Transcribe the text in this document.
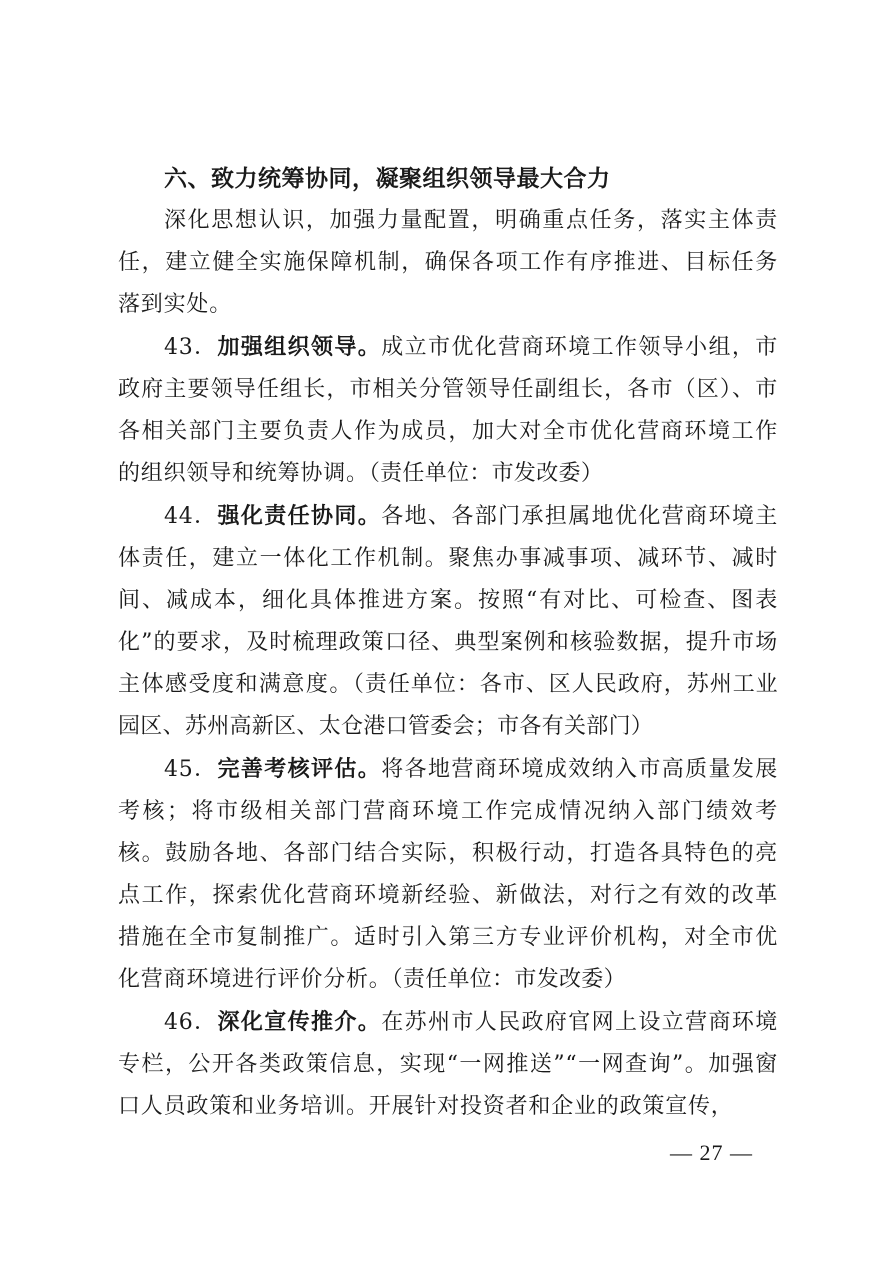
六、致力统筹协同，凝聚组织领导最大合力

深化思想认识，加强力量配置，明确重点任务，落实主体责任，建立健全实施保障机制，确保各项工作有序推进、目标任务落到实处。

43．加强组织领导。成立市优化营商环境工作领导小组，市政府主要领导任组长，市相关分管领导任副组长，各市（区）、市各相关部门主要负责人作为成员，加大对全市优化营商环境工作的组织领导和统筹协调。（责任单位：市发改委）

44．强化责任协同。各地、各部门承担属地优化营商环境主体责任，建立一体化工作机制。聚焦办事减事项、减环节、减时间、减成本，细化具体推进方案。按照“有对比、可检查、图表化”的要求，及时梳理政策口径、典型案例和核验数据，提升市场主体感受度和满意度。（责任单位：各市、区人民政府，苏州工业园区、苏州高新区、太仓港口管委会；市各有关部门）

45．完善考核评估。将各地营商环境成效纳入市高质量发展考核；将市级相关部门营商环境工作完成情况纳入部门绩效考核。鼓励各地、各部门结合实际，积极行动，打造各具特色的亮点工作，探索优化营商环境新经验、新做法，对行之有效的改革措施在全市复制推广。适时引入第三方专业评价机构，对全市优化营商环境进行评价分析。（责任单位：市发改委）

46．深化宣传推介。在苏州市人民政府官网上设立营商环境专栏，公开各类政策信息，实现“一网推送”“一网查询”。加强窗口人员政策和业务培训。开展针对投资者和企业的政策宣传，

— 27 —
